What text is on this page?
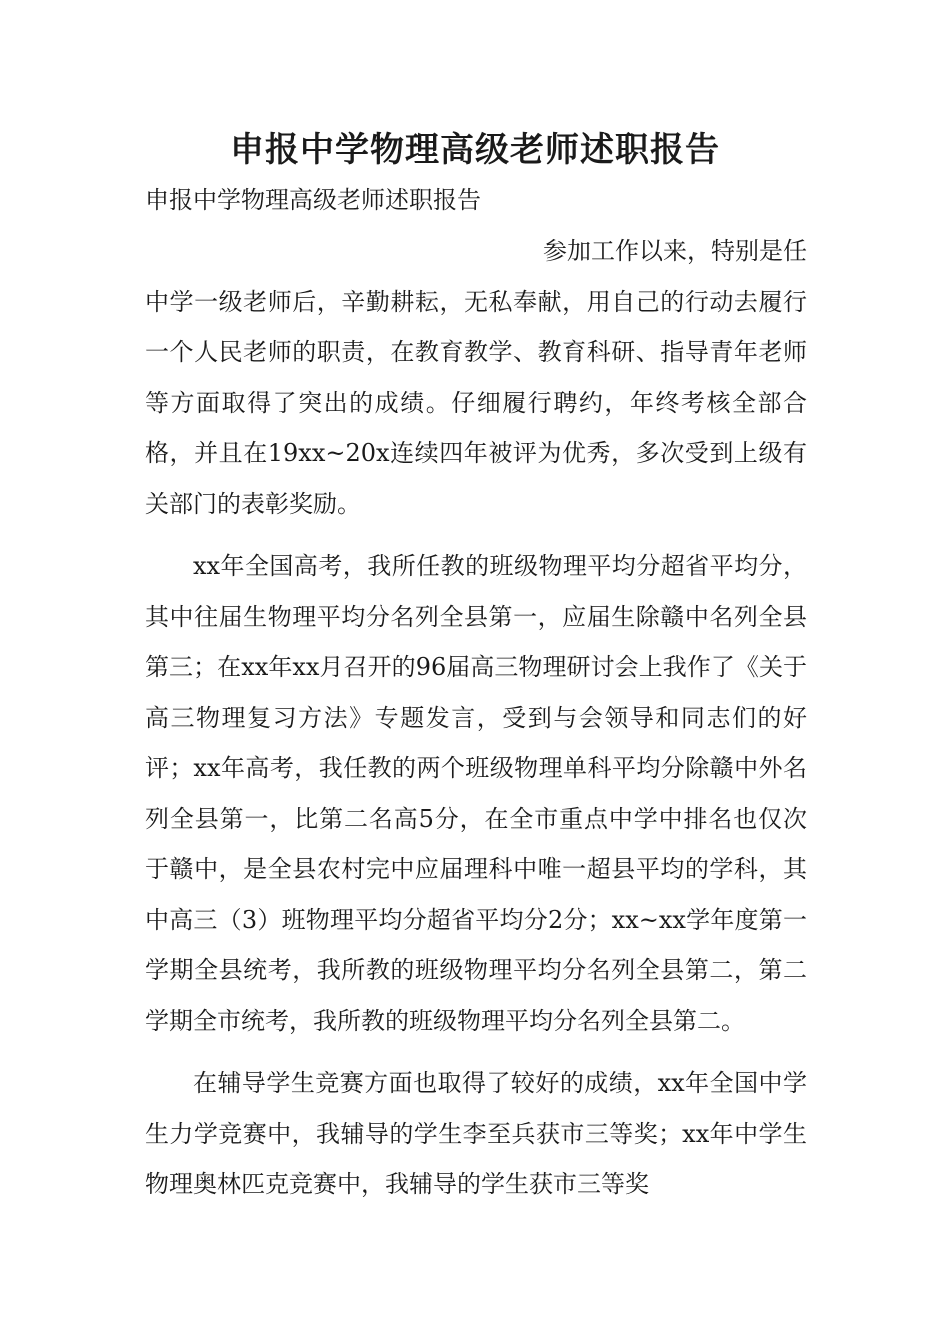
申报中学物理高级老师述职报告
申报中学物理高级老师述职报告

参加工作以来，特别是任

中学一级老师后，辛勤耕耘，无私奉献，用自己的行动去履行一个人民老师的职责，在教育教学、教育科研、指导青年老师等方面取得了突出的成绩。仔细履行聘约，年终考核全部合格，并且在19xx~20x连续四年被评为优秀，多次受到上级有关部门的表彰奖励。

xx年全国高考，我所任教的班级物理平均分超省平均分，其中往届生物理平均分名列全县第一，应届生除赣中名列全县第三；在xx年xx月召开的96届高三物理研讨会上我作了《关于高三物理复习方法》专题发言，受到与会领导和同志们的好评；xx年高考，我任教的两个班级物理单科平均分除赣中外名列全县第一，比第二名高5分，在全市重点中学中排名也仅次于赣中，是全县农村完中应届理科中唯一超县平均的学科，其中高三（3）班物理平均分超省平均分2分；xx~xx学年度第一学期全县统考，我所教的班级物理平均分名列全县第二，第二学期全市统考，我所教的班级物理平均分名列全县第二。

在辅导学生竞赛方面也取得了较好的成绩，xx年全国中学生力学竞赛中，我辅导的学生李至兵获市三等奖；xx年中学生物理奥林匹克竞赛中，我辅导的学生获市三等奖
